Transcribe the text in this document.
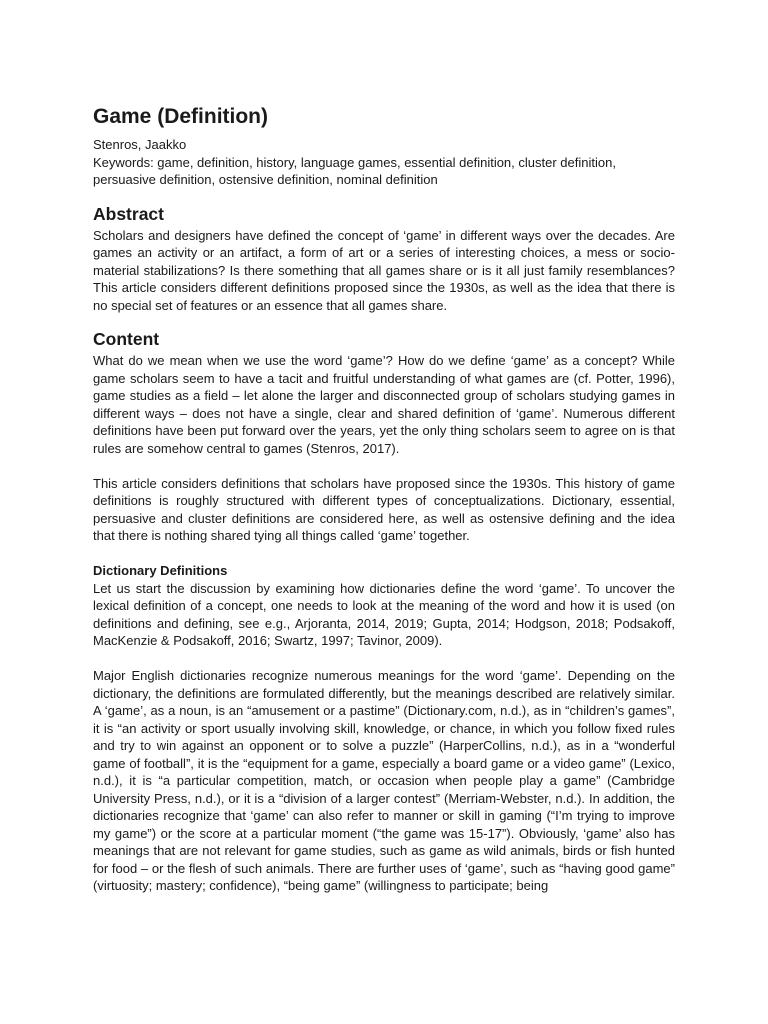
Game (Definition)

Stenros, Jaakko

Keywords: game, definition, history, language games, essential definition, cluster definition, persuasive definition, ostensive definition, nominal definition

Abstract

Scholars and designers have defined the concept of ‘game’ in different ways over the decades. Are games an activity or an artifact, a form of art or a series of interesting choices, a mess or socio-material stabilizations? Is there something that all games share or is it all just family resemblances? This article considers different definitions proposed since the 1930s, as well as the idea that there is no special set of features or an essence that all games share.

Content

What do we mean when we use the word ‘game’? How do we define ‘game’ as a concept? While game scholars seem to have a tacit and fruitful understanding of what games are (cf. Potter, 1996), game studies as a field – let alone the larger and disconnected group of scholars studying games in different ways – does not have a single, clear and shared definition of ‘game’. Numerous different definitions have been put forward over the years, yet the only thing scholars seem to agree on is that rules are somehow central to games (Stenros, 2017).

This article considers definitions that scholars have proposed since the 1930s. This history of game definitions is roughly structured with different types of conceptualizations. Dictionary, essential, persuasive and cluster definitions are considered here, as well as ostensive defining and the idea that there is nothing shared tying all things called ‘game’ together.

Dictionary Definitions

Let us start the discussion by examining how dictionaries define the word ‘game’. To uncover the lexical definition of a concept, one needs to look at the meaning of the word and how it is used (on definitions and defining, see e.g., Arjoranta, 2014, 2019; Gupta, 2014; Hodgson, 2018; Podsakoff, MacKenzie & Podsakoff, 2016; Swartz, 1997; Tavinor, 2009).

Major English dictionaries recognize numerous meanings for the word ‘game’. Depending on the dictionary, the definitions are formulated differently, but the meanings described are relatively similar. A ‘game’, as a noun, is an “amusement or a pastime” (Dictionary.com, n.d.), as in “children’s games”, it is “an activity or sport usually involving skill, knowledge, or chance, in which you follow fixed rules and try to win against an opponent or to solve a puzzle” (HarperCollins, n.d.), as in a “wonderful game of football”, it is the “equipment for a game, especially a board game or a video game” (Lexico, n.d.), it is “a particular competition, match, or occasion when people play a game” (Cambridge University Press, n.d.), or it is a “division of a larger contest” (Merriam-Webster, n.d.). In addition, the dictionaries recognize that ‘game’ can also refer to manner or skill in gaming (“I’m trying to improve my game”) or the score at a particular moment (“the game was 15-17”). Obviously, ‘game’ also has meanings that are not relevant for game studies, such as game as wild animals, birds or fish hunted for food – or the flesh of such animals. There are further uses of ‘game’, such as “having good game” (virtuosity; mastery; confidence), “being game” (willingness to participate; being
